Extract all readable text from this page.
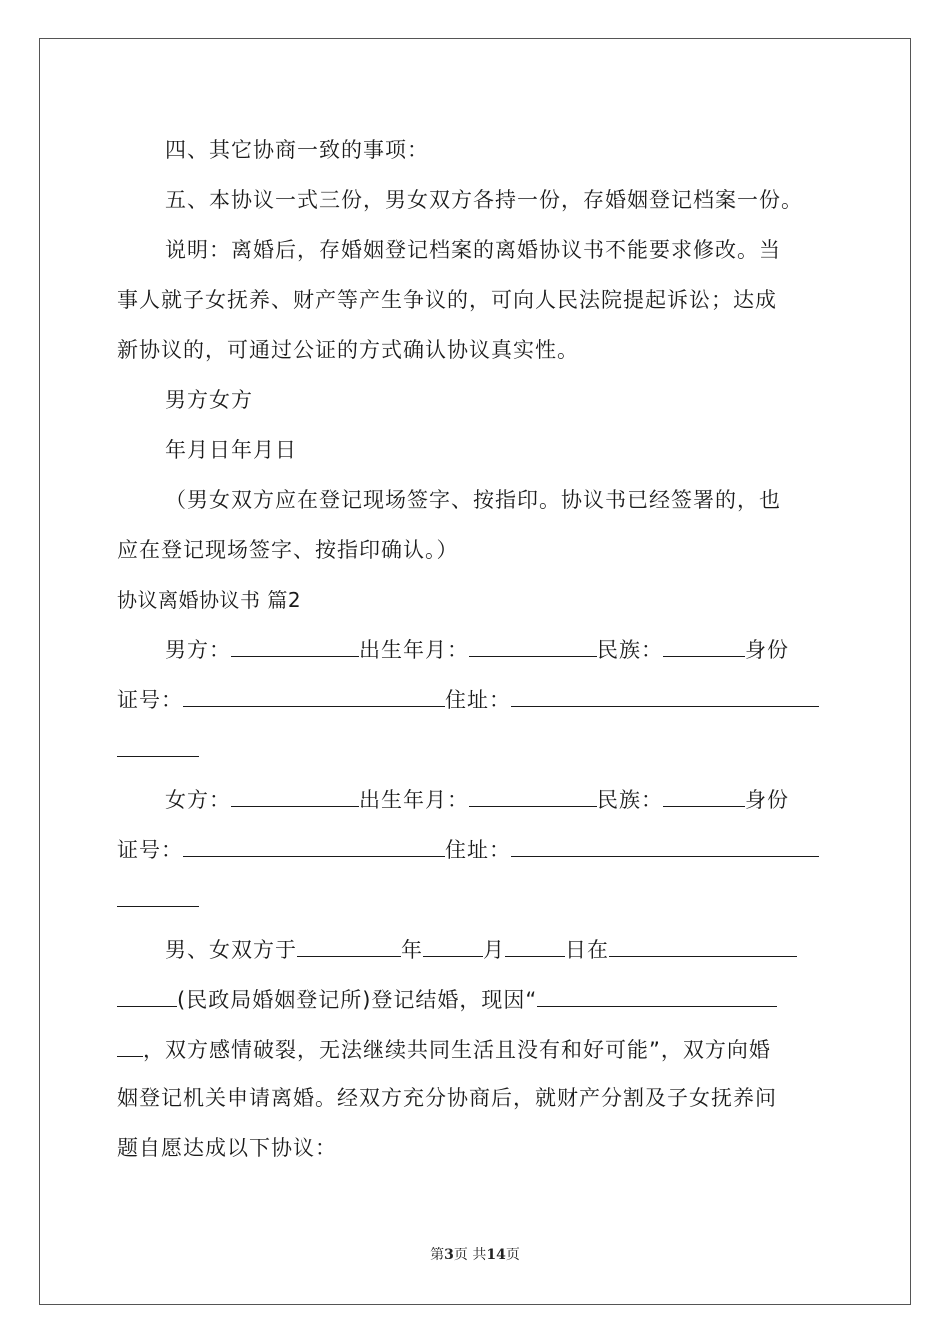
四、其它协商一致的事项：
五、本协议一式三份，男女双方各持一份，存婚姻登记档案一份。
说明：离婚后，存婚姻登记档案的离婚协议书不能要求修改。当
事人就子女抚养、财产等产生争议的，可向人民法院提起诉讼；达成
新协议的，可通过公证的方式确认协议真实性。
男方女方
年月日年月日
（男女双方应在登记现场签字、按指印。协议书已经签署的，也
应在登记现场签字、按指印确认。）
协议离婚协议书 篇2
男方：	出生年月：	民族：	身份
证号：	住址：
女方：	出生年月：	民族：	身份
证号：	住址：
男、女双方于	年	月	日在
(民政局婚姻登记所)登记结婚，现因“
，双方感情破裂，无法继续共同生活且没有和好可能”，双方向婚
姻登记机关申请离婚。经双方充分协商后，就财产分割及子女抚养问
题自愿达成以下协议：
第3页 共14页
